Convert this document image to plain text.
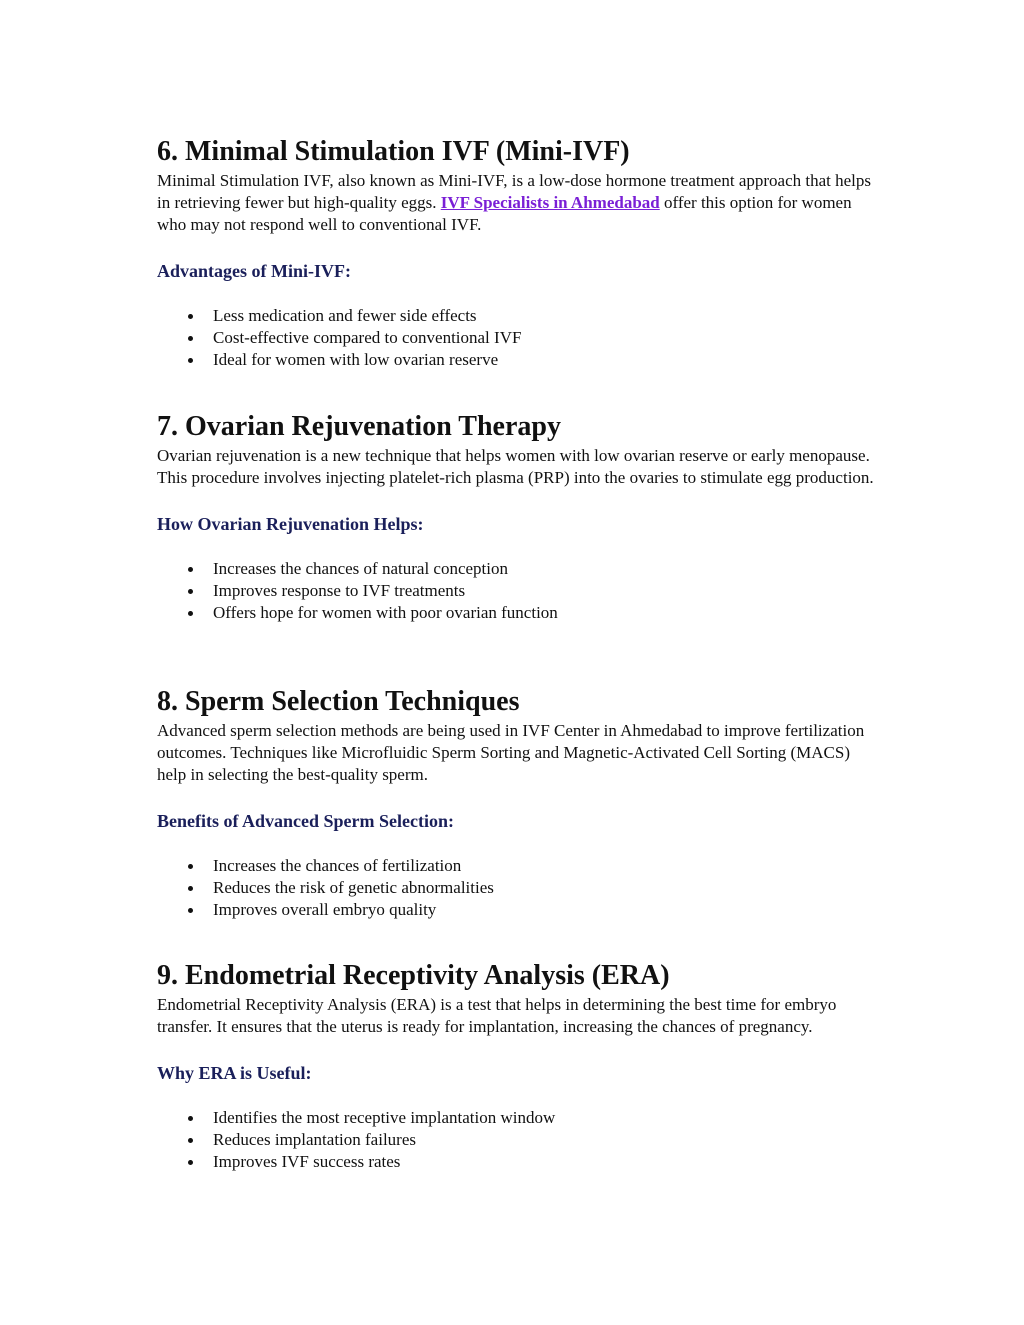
6. Minimal Stimulation IVF (Mini-IVF)

Minimal Stimulation IVF, also known as Mini-IVF, is a low-dose hormone treatment approach that helps in retrieving fewer but high-quality eggs. IVF Specialists in Ahmedabad offer this option for women who may not respond well to conventional IVF.

Advantages of Mini-IVF:
Less medication and fewer side effects
Cost-effective compared to conventional IVF
Ideal for women with low ovarian reserve
7. Ovarian Rejuvenation Therapy

Ovarian rejuvenation is a new technique that helps women with low ovarian reserve or early menopause. This procedure involves injecting platelet-rich plasma (PRP) into the ovaries to stimulate egg production.

How Ovarian Rejuvenation Helps:
Increases the chances of natural conception
Improves response to IVF treatments
Offers hope for women with poor ovarian function
8. Sperm Selection Techniques

Advanced sperm selection methods are being used in IVF Center in Ahmedabad to improve fertilization outcomes. Techniques like Microfluidic Sperm Sorting and Magnetic-Activated Cell Sorting (MACS) help in selecting the best-quality sperm.

Benefits of Advanced Sperm Selection:
Increases the chances of fertilization
Reduces the risk of genetic abnormalities
Improves overall embryo quality
9. Endometrial Receptivity Analysis (ERA)

Endometrial Receptivity Analysis (ERA) is a test that helps in determining the best time for embryo transfer. It ensures that the uterus is ready for implantation, increasing the chances of pregnancy.

Why ERA is Useful:
Identifies the most receptive implantation window
Reduces implantation failures
Improves IVF success rates
